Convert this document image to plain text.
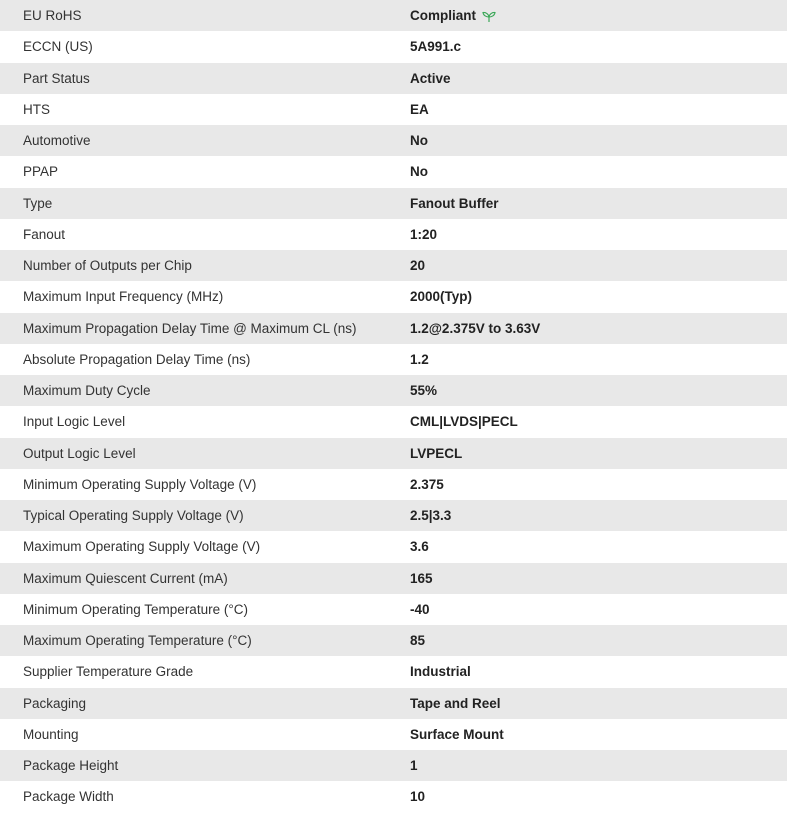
EU RoHS	Compliant
ECCN (US)	5A991.c
Part Status	Active
HTS	EA
Automotive	No
PPAP	No
Type	Fanout Buffer
Fanout	1:20
Number of Outputs per Chip	20
Maximum Input Frequency (MHz)	2000(Typ)
Maximum Propagation Delay Time @ Maximum CL (ns)	1.2@2.375V to 3.63V
Absolute Propagation Delay Time (ns)	1.2
Maximum Duty Cycle	55%
Input Logic Level	CML|LVDS|PECL
Output Logic Level	LVPECL
Minimum Operating Supply Voltage (V)	2.375
Typical Operating Supply Voltage (V)	2.5|3.3
Maximum Operating Supply Voltage (V)	3.6
Maximum Quiescent Current (mA)	165
Minimum Operating Temperature (°C)	-40
Maximum Operating Temperature (°C)	85
Supplier Temperature Grade	Industrial
Packaging	Tape and Reel
Mounting	Surface Mount
Package Height	1
Package Width	10
